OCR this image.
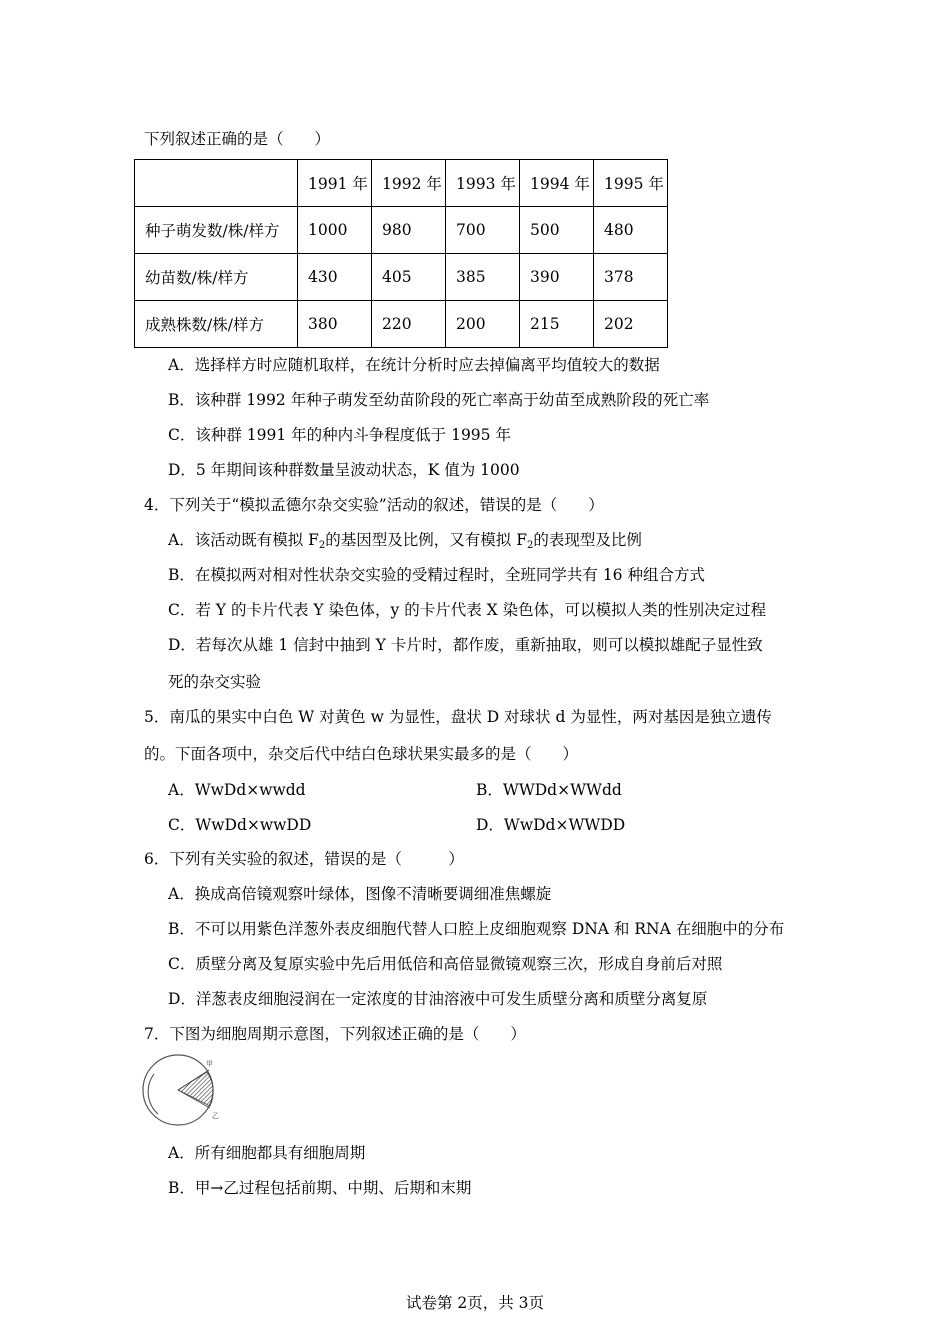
下列叙述正确的是（　　）
	1991 年	1992 年	1993 年	1994 年	1995 年
种子萌发数/株/样方	1000	980	700	500	480
幼苗数/株/样方	430	405	385	390	378
成熟株数/株/样方	380	220	200	215	202
A．选择样方时应随机取样，在统计分析时应去掉偏离平均值较大的数据
B．该种群 1992 年种子萌发至幼苗阶段的死亡率高于幼苗至成熟阶段的死亡率
C．该种群 1991 年的种内斗争程度低于 1995 年
D．5 年期间该种群数量呈波动状态，K 值为 1000
4．下列关于“模拟孟德尔杂交实验”活动的叙述，错误的是（　　）
A．该活动既有模拟 $F_2$的基因型及比例，又有模拟 $F_2$的表现型及比例
B．在模拟两对相对性状杂交实验的受精过程时，全班同学共有 16 种组合方式
C．若 Y 的卡片代表 Y 染色体，y 的卡片代表 X 染色体，可以模拟人类的性别决定过程
D．若每次从雄 1 信封中抽到 Y 卡片时，都作废，重新抽取，则可以模拟雄配子显性致
死的杂交实验
5．南瓜的果实中白色 W 对黄色 w 为显性，盘状 D 对球状 d 为显性，两对基因是独立遗传
的。下面各项中，杂交后代中结白色球状果实最多的是（　　）
A．WwDd×wwdd	B．WWDd×WWdd
C．WwDd×wwDD	D．WwDd×WWDD
6．下列有关实验的叙述，错误的是（　　　）
A．换成高倍镜观察叶绿体，图像不清晰要调细准焦螺旋
B．不可以用紫色洋葱外表皮细胞代替人口腔上皮细胞观察 DNA 和 RNA 在细胞中的分布
C．质壁分离及复原实验中先后用低倍和高倍显微镜观察三次，形成自身前后对照
D．洋葱表皮细胞浸润在一定浓度的甘油溶液中可发生质壁分离和质壁分离复原
7．下图为细胞周期示意图，下列叙述正确的是（　　）
甲
乙
A．所有细胞都具有细胞周期
B．甲→乙过程包括前期、中期、后期和末期
试卷第 2页，共 3页
